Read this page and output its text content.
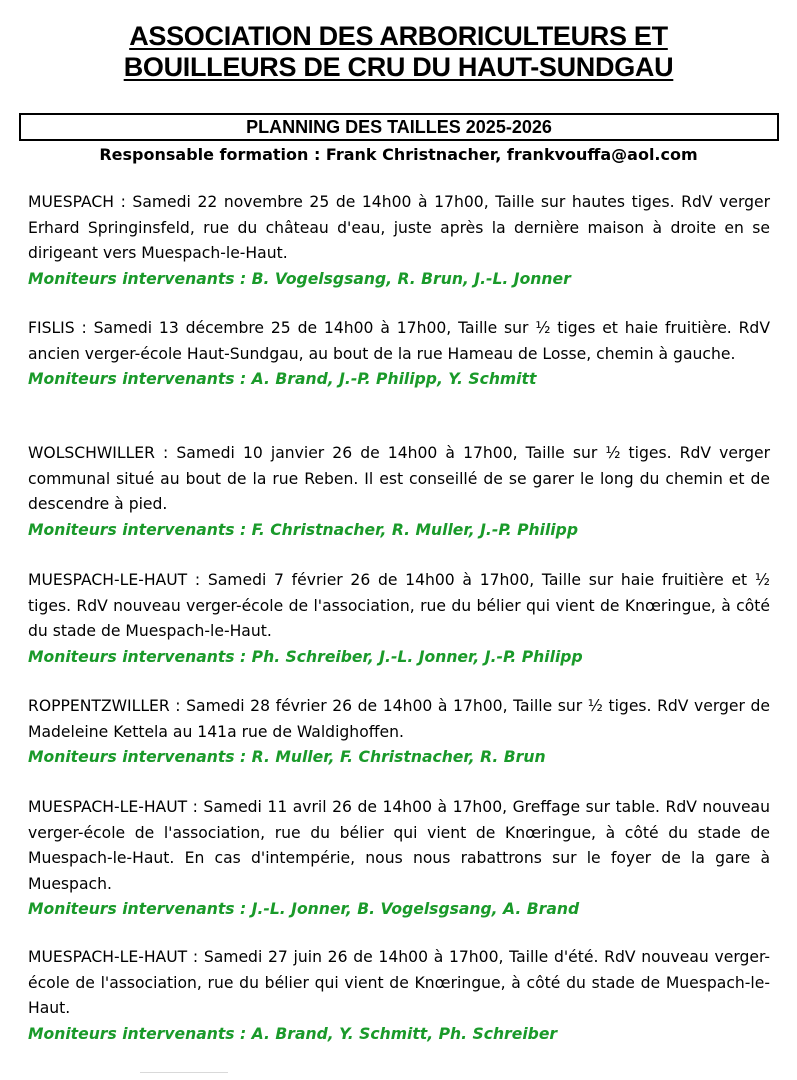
ASSOCIATION DES ARBORICULTEURS ET
BOUILLEURS DE CRU DU HAUT-SUNDGAU
PLANNING DES TAILLES 2025-2026
Responsable formation : Frank Christnacher, frankvouffa@aol.com

MUESPACH : Samedi 22 novembre 25 de 14h00 à 17h00, Taille sur hautes tiges. RdV verger Erhard Springinsfeld, rue du château d'eau, juste après la dernière maison à droite en se dirigeant vers Muespach-le-Haut.

Moniteurs intervenants : B. Vogelsgsang, R. Brun, J.-L. Jonner

FISLIS : Samedi 13 décembre 25 de 14h00 à 17h00, Taille sur ½ tiges et haie fruitière. RdV ancien verger-école Haut-Sundgau, au bout de la rue Hameau de Losse, chemin à gauche.

Moniteurs intervenants : A. Brand, J.-P. Philipp, Y. Schmitt

WOLSCHWILLER : Samedi 10 janvier 26 de 14h00 à 17h00, Taille sur ½ tiges. RdV verger communal situé au bout de la rue Reben. Il est conseillé de se garer le long du chemin et de descendre à pied.

Moniteurs intervenants : F. Christnacher, R. Muller, J.-P. Philipp

MUESPACH-LE-HAUT : Samedi 7 février 26 de 14h00 à 17h00, Taille sur haie fruitière et ½ tiges. RdV nouveau verger-école de l'association, rue du bélier qui vient de Knœringue, à côté du stade de Muespach-le-Haut.

Moniteurs intervenants : Ph. Schreiber, J.-L. Jonner, J.-P. Philipp

ROPPENTZWILLER : Samedi 28 février 26 de 14h00 à 17h00, Taille sur ½ tiges. RdV verger de Madeleine Kettela au 141a rue de Waldighoffen.

Moniteurs intervenants : R. Muller, F. Christnacher, R. Brun

MUESPACH-LE-HAUT : Samedi 11 avril 26 de 14h00 à 17h00, Greffage sur table. RdV nouveau verger-école de l'association, rue du bélier qui vient de Knœringue, à côté du stade de Muespach-le-Haut. En cas d'intempérie, nous nous rabattrons sur le foyer de la gare à Muespach.

Moniteurs intervenants : J.-L. Jonner, B. Vogelsgsang, A. Brand

MUESPACH-LE-HAUT : Samedi 27 juin 26 de 14h00 à 17h00, Taille d'été. RdV nouveau verger-école de l'association, rue du bélier qui vient de Knœringue, à côté du stade de Muespach-le-Haut.

Moniteurs intervenants : A. Brand, Y. Schmitt, Ph. Schreiber
